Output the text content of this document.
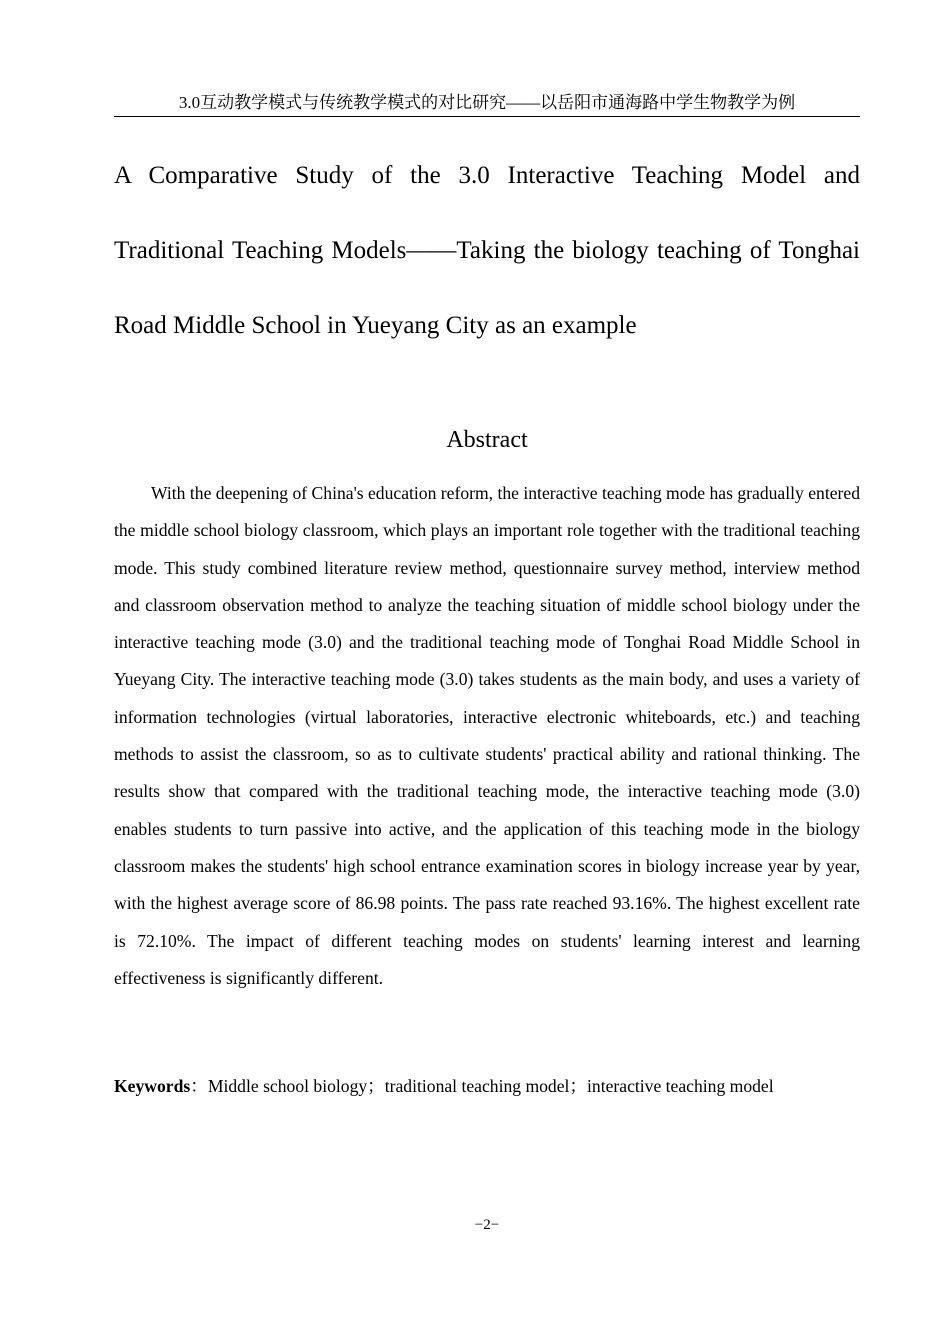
3.0互动教学模式与传统教学模式的对比研究——以岳阳市通海路中学生物教学为例
A Comparative Study of the 3.0 Interactive Teaching Model and Traditional Teaching Models——Taking the biology teaching of Tonghai Road Middle School in Yueyang City as an example
Abstract

With the deepening of China's education reform, the interactive teaching mode has gradually entered the middle school biology classroom, which plays an important role together with the traditional teaching mode. This study combined literature review method, questionnaire survey method, interview method and classroom observation method to analyze the teaching situation of middle school biology under the interactive teaching mode (3.0) and the traditional teaching mode of Tonghai Road Middle School in Yueyang City. The interactive teaching mode (3.0) takes students as the main body, and uses a variety of information technologies (virtual laboratories, interactive electronic whiteboards, etc.) and teaching methods to assist the classroom, so as to cultivate students' practical ability and rational thinking. The results show that compared with the traditional teaching mode, the interactive teaching mode (3.0) enables students to turn passive into active, and the application of this teaching mode in the biology classroom makes the students' high school entrance examination scores in biology increase year by year, with the highest average score of 86.98 points. The pass rate reached 93.16%. The highest excellent rate is 72.10%. The impact of different teaching modes on students' learning interest and learning effectiveness is significantly different.

Keywords：Middle school biology；traditional teaching model；interactive teaching model

−2−
